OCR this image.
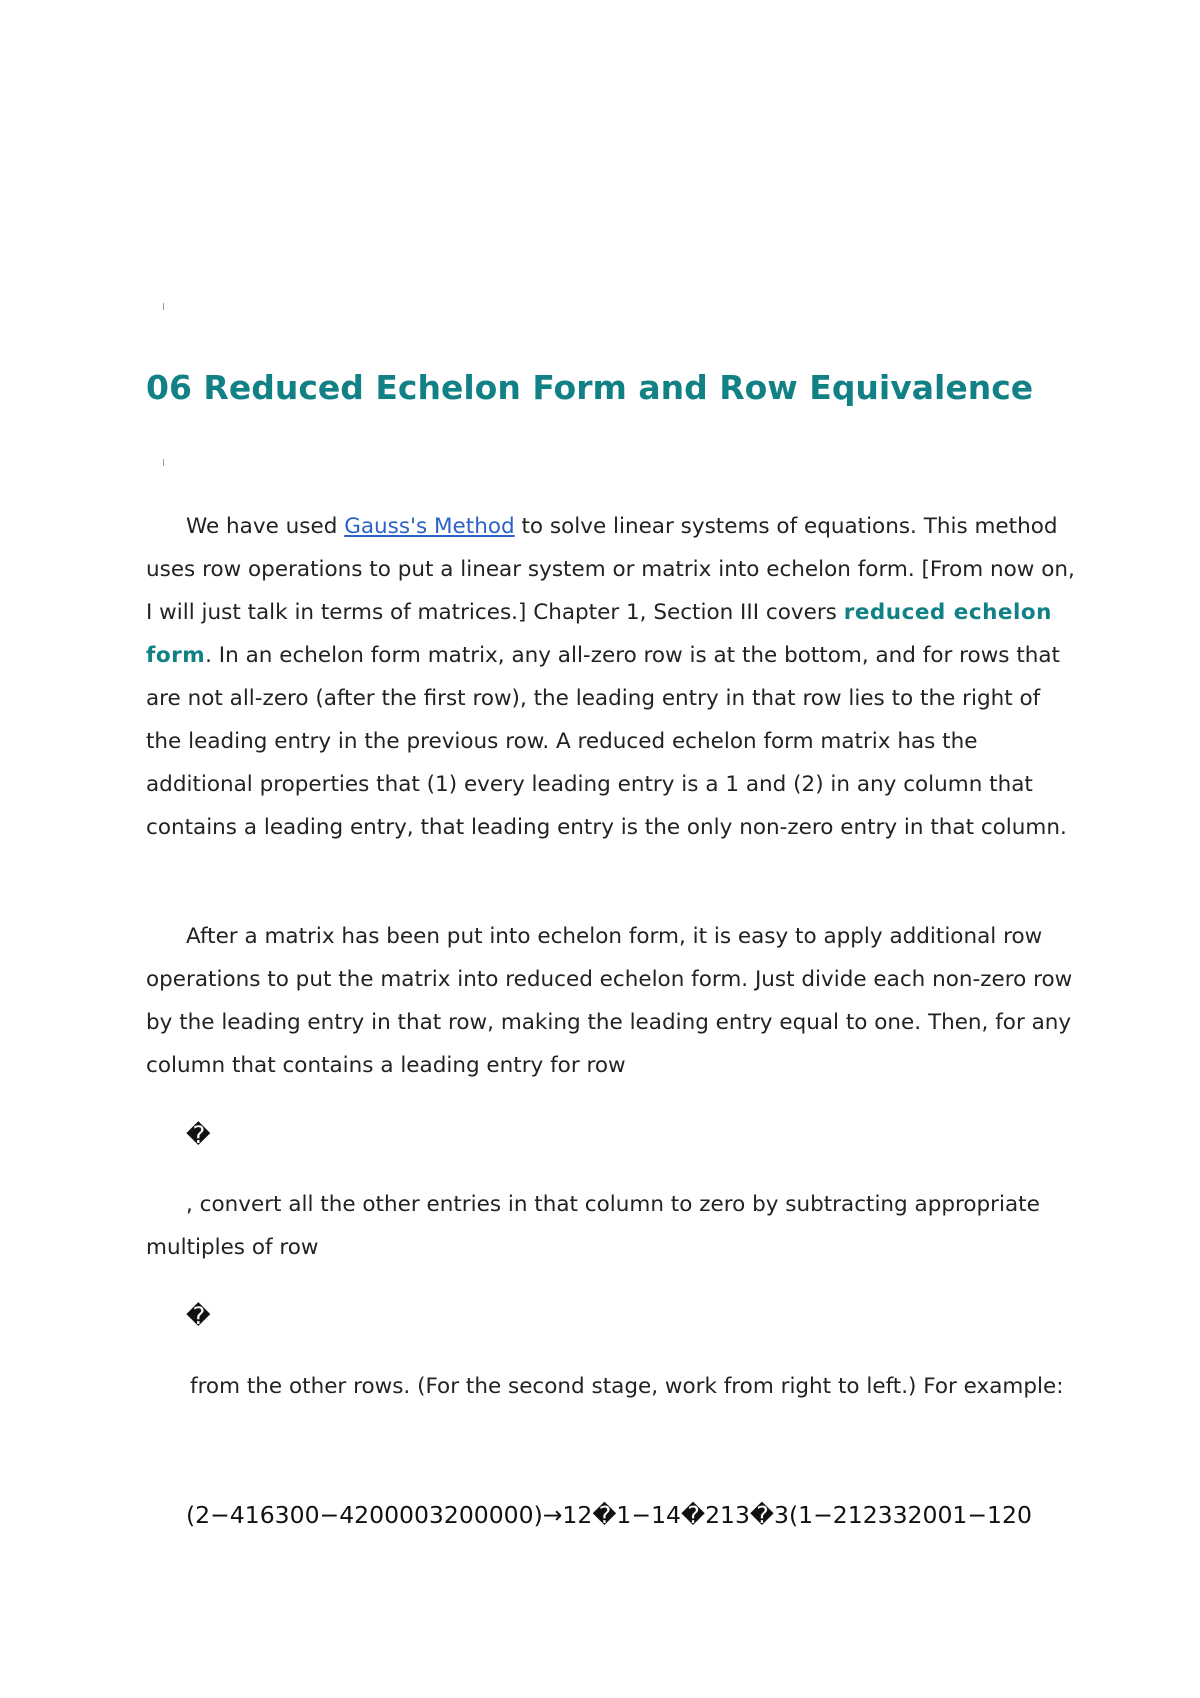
06 Reduced Echelon Form and Row Equivalence

We have used Gauss's Method to solve linear systems of equations. This method uses row operations to put a linear system or matrix into echelon form. [From now on, I will just talk in terms of matrices.] Chapter 1, Section III covers reduced echelon form. In an echelon form matrix, any all-zero row is at the bottom, and for rows that are not all-zero (after the first row), the leading entry in that row lies to the right of the leading entry in the previous row. A reduced echelon form matrix has the additional properties that (1) every leading entry is a 1 and (2) in any column that contains a leading entry, that leading entry is the only non-zero entry in that column.

After a matrix has been put into echelon form, it is easy to apply additional row operations to put the matrix into reduced echelon form. Just divide each non-zero row by the leading entry in that row, making the leading entry equal to one. Then, for any column that contains a leading entry for row

�

, convert all the other entries in that column to zero by subtracting appropriate multiples of row

�

from the other rows. (For the second stage, work from right to left.) For example:

(2−416300−4200003200000)→12�1−14�213�3(1−212332001−120
